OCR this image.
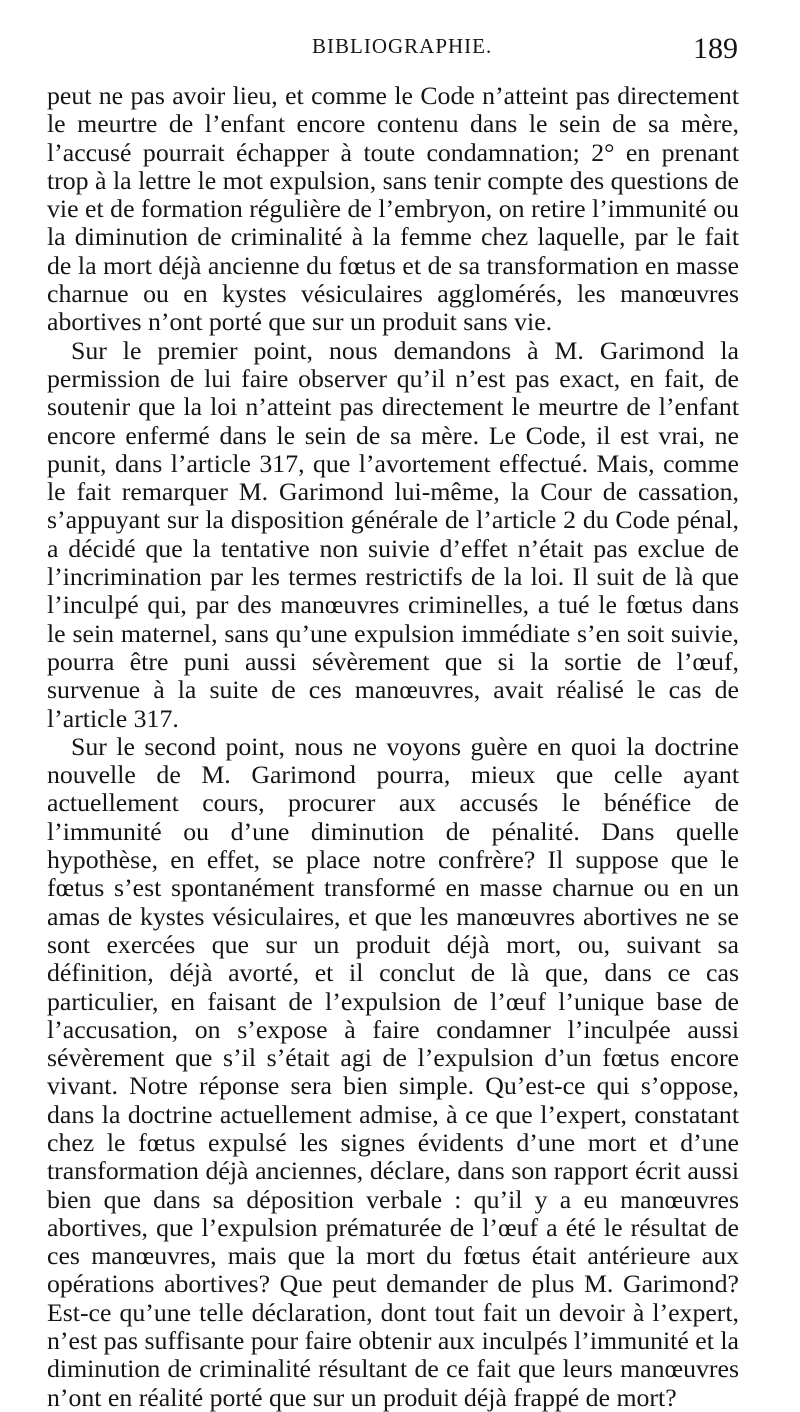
BIBLIOGRAPHIE.	189

peut ne pas avoir lieu, et comme le Code n’atteint pas directement le meurtre de l’enfant encore contenu dans le sein de sa mère, l’accusé pourrait échapper à toute condamnation; 2° en prenant trop à la lettre le mot expulsion, sans tenir compte des questions de vie et de formation régulière de l’embryon, on retire l’immunité ou la diminution de criminalité à la femme chez laquelle, par le fait de la mort déjà ancienne du fœtus et de sa transformation en masse charnue ou en kystes vésiculaires agglomérés, les manœuvres abortives n’ont porté que sur un produit sans vie.

Sur le premier point, nous demandons à M. Garimond la permission de lui faire observer qu’il n’est pas exact, en fait, de soutenir que la loi n’atteint pas directement le meurtre de l’enfant encore enfermé dans le sein de sa mère. Le Code, il est vrai, ne punit, dans l’article 317, que l’avortement effectué. Mais, comme le fait remarquer M. Garimond lui-même, la Cour de cassation, s’appuyant sur la disposition générale de l’article 2 du Code pénal, a décidé que la tentative non suivie d’effet n’était pas exclue de l’incrimination par les termes restrictifs de la loi. Il suit de là que l’inculpé qui, par des manœuvres criminelles, a tué le fœtus dans le sein maternel, sans qu’une expulsion immédiate s’en soit suivie, pourra être puni aussi sévèrement que si la sortie de l’œuf, survenue à la suite de ces manœuvres, avait réalisé le cas de l’article 317.

Sur le second point, nous ne voyons guère en quoi la doctrine nouvelle de M. Garimond pourra, mieux que celle ayant actuellement cours, procurer aux accusés le bénéfice de l’immunité ou d’une diminution de pénalité. Dans quelle hypothèse, en effet, se place notre confrère? Il suppose que le fœtus s’est spontanément transformé en masse charnue ou en un amas de kystes vésiculaires, et que les manœuvres abortives ne se sont exercées que sur un produit déjà mort, ou, suivant sa définition, déjà avorté, et il conclut de là que, dans ce cas particulier, en faisant de l’expulsion de l’œuf l’unique base de l’accusation, on s’expose à faire condamner l’inculpée aussi sévèrement que s’il s’était agi de l’expulsion d’un fœtus encore vivant. Notre réponse sera bien simple. Qu’est-ce qui s’oppose, dans la doctrine actuellement admise, à ce que l’expert, constatant chez le fœtus expulsé les signes évidents d’une mort et d’une transformation déjà anciennes, déclare, dans son rapport écrit aussi bien que dans sa déposition verbale : qu’il y a eu manœuvres abortives, que l’expulsion prématurée de l’œuf a été le résultat de ces manœuvres, mais que la mort du fœtus était antérieure aux opérations abortives? Que peut demander de plus M. Garimond? Est-ce qu’une telle déclaration, dont tout fait un devoir à l’expert, n’est pas suffisante pour faire obtenir aux inculpés l’immunité et la diminution de criminalité résultant de ce fait que leurs manœuvres n’ont en réalité porté que sur un produit déjà frappé de mort?
